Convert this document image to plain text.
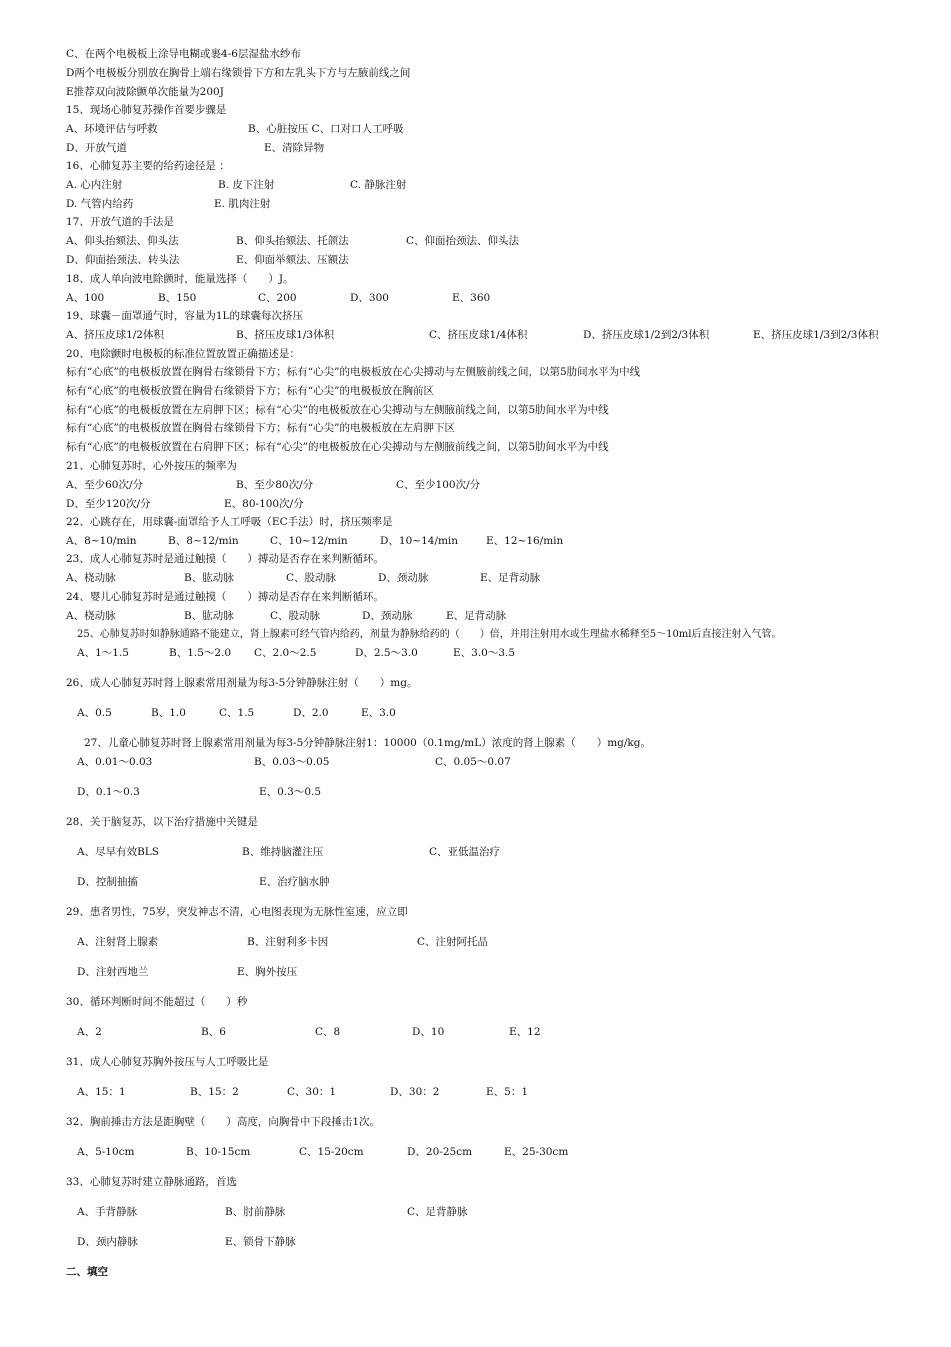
C、在两个电极板上涂导电糊或裹4-6层湿盐水纱布
D两个电极板分别放在胸骨上端右缘锁骨下方和左乳头下方与左腋前线之间
E推荐双向波除颤单次能量为200J
15、现场心肺复苏操作首要步骤是
A、环境评估与呼救	B、心脏按压 C、口对口人工呼吸
D、开放气道	E、清除异物
16、心肺复苏主要的给药途径是 ：
A. 心内注射	B. 皮下注射	C. 静脉注射
D. 气管内给药	E. 肌肉注射
17、开放气道的手法是
A、仰头抬颏法、仰头法	B、仰头抬颏法、托颌法	C、仰面抬颈法、仰头法
D、仰面抬颈法、转头法	E、仰面举颏法、压额法
18、成人单向波电除颤时，能量选择（　　）J。
A、100	B、150	C、200	D、300	E、360
19、球囊－面罩通气时，容量为1L的球囊每次挤压
A、挤压皮球1/2体积	B、挤压皮球1/3体积	C、挤压皮球1/4体积	D、挤压皮球1/2到2/3体积	E、挤压皮球1/3到2/3体积
20、电除颤时电极板的标准位置放置正确描述是：
标有“心底”的电极板放置在胸骨右缘锁骨下方；标有“心尖”的电极板放在心尖搏动与左侧腋前线之间，以第5肋间水平为中线
标有“心底”的电极板放置在胸骨右缘锁骨下方；标有“心尖”的电极板放在胸前区
标有“心底”的电极板放置在左肩胛下区；标有“心尖”的电极板放在心尖搏动与左侧腋前线之间，以第5肋间水平为中线
标有“心底”的电极板放置在胸骨右缘锁骨下方；标有“心尖”的电极板放在左肩胛下区
标有“心底”的电极板放置在右肩胛下区；标有“心尖”的电极板放在心尖搏动与左侧腋前线之间，以第5肋间水平为中线
21、心肺复苏时，心外按压的频率为
A、至少60次/分	B、至少80次/分	C、至少100次/分
D、至少120次/分	E、80-100次/分
22、心跳存在，用球囊-面罩给予人工呼吸（EC手法）时，挤压频率是
A、8~10/min	B、8~12/min	C、10~12/min	D、10~14/min	E、12~16/min
23、成人心肺复苏时是通过触摸（　　）搏动是否存在来判断循环。
A、桡动脉	B、肱动脉	C、股动脉	D、颈动脉	E、足背动脉
24、婴儿心肺复苏时是通过触摸（　　）搏动是否存在来判断循环。
A、桡动脉	B、肱动脉	C、股动脉	D、颈动脉	E、足背动脉
25、心肺复苏时如静脉通路不能建立，肾上腺素可经气管内给药，剂量为静脉给药的（　　）倍，并用注射用水或生理盐水稀释至5～10ml后直接注射入气管。
A、1～1.5	B、1.5～2.0 C、2.0～2.5	D、2.5～3.0	E、3.0～3.5
26、成人心肺复苏时肾上腺素常用剂量为每3-5分钟静脉注射（　　）mg。
A、0.5	B、1.0	C、1.5	D、2.0	E、3.0
27、儿童心肺复苏时肾上腺素常用剂量为每3-5分钟静脉注射1：10000（0.1mg/mL）浓度的肾上腺素（　　）mg/kg。
A、0.01～0.03	B、0.03～0.05	C、0.05～0.07
D、0.1～0.3	E、0.3～0.5
28、关于脑复苏，以下治疗措施中关键是
A、尽早有效BLS	B、维持脑灌注压	C、亚低温治疗
D、控制抽搐	E、治疗脑水肿
29、患者男性，75岁，突发神志不清，心电图表现为无脉性室速，应立即
A、注射肾上腺素	B、注射利多卡因	C、注射阿托品
D、注射西地兰	E、胸外按压
30、循环判断时间不能超过（　　）秒
A、2	B、6	C、8	D、10	E、12
31、成人心肺复苏胸外按压与人工呼吸比是
A、15：1	B、15：2	C、30：1	D、30：2	E、5：1
32、胸前捶击方法是距胸壁（　　）高度，向胸骨中下段捶击1次。
A、5-10cm	B、10-15cm	C、15-20cm	D、20-25cm	E、25-30cm
33、心肺复苏时建立静脉通路，首选
A、手背静脉	B、肘前静脉	C、足背静脉
D、颈内静脉	E、锁骨下静脉
二、填空
